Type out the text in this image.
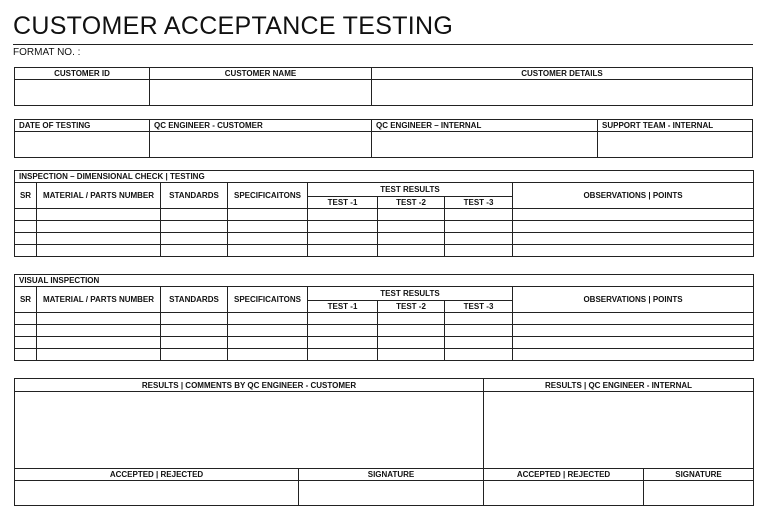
CUSTOMER ACCEPTANCE TESTING
FORMAT NO. :
CUSTOMER ID	CUSTOMER NAME	CUSTOMER DETAILS

DATE OF TESTING	QC ENGINEER - CUSTOMER	QC ENGINEER – INTERNAL	SUPPORT TEAM - INTERNAL

INSPECTION – DIMENSIONAL CHECK | TESTING							
SR	MATERIAL / PARTS NUMBER	STANDARDS	SPECIFICAITONS	TEST RESULTS			OBSERVATIONS | POINTS
				TEST -1	TEST -2	TEST -3	

VISUAL INSPECTION							
SR	MATERIAL / PARTS NUMBER	STANDARDS	SPECIFICAITONS	TEST RESULTS			OBSERVATIONS | POINTS
				TEST -1	TEST -2	TEST -3	

RESULTS | COMMENTS BY QC ENGINEER - CUSTOMER		RESULTS | QC ENGINEER - INTERNAL	

ACCEPTED | REJECTED	SIGNATURE	ACCEPTED | REJECTED	SIGNATURE
